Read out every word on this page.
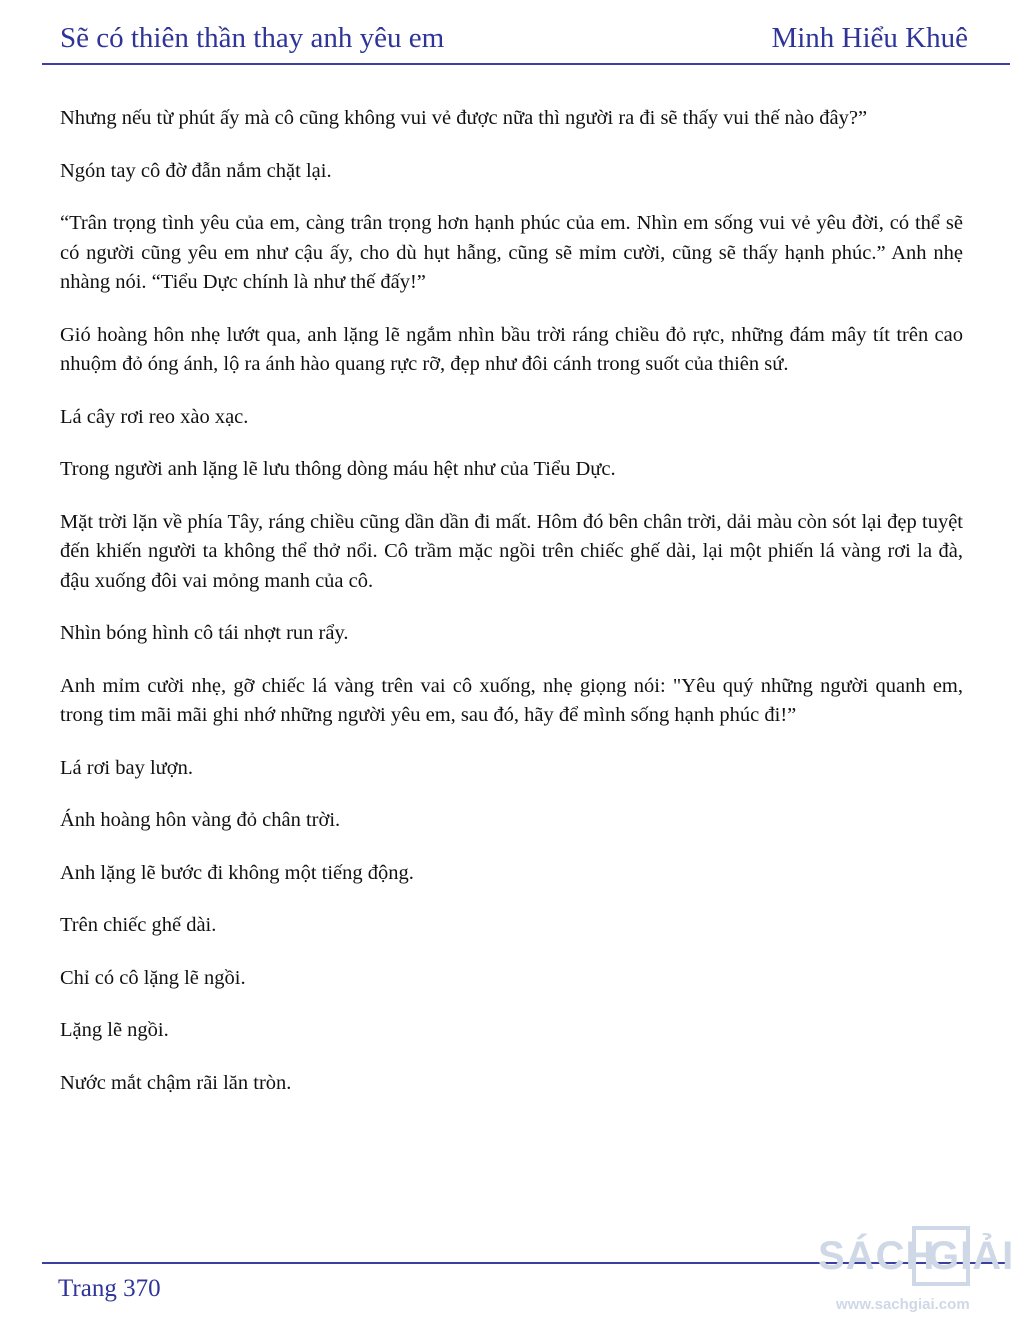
Sẽ có thiên thần thay anh yêu em	Minh Hiểu Khuê

Nhưng nếu từ phút ấy mà cô cũng không vui vẻ được nữa thì người ra đi sẽ thấy vui thế nào đây?”

Ngón tay cô đờ đẫn nắm chặt lại.

“Trân trọng tình yêu của em, càng trân trọng hơn hạnh phúc của em. Nhìn em sống vui vẻ yêu đời, có thể sẽ có người cũng yêu em như cậu ấy, cho dù hụt hẫng, cũng sẽ mỉm cười, cũng sẽ thấy hạnh phúc.” Anh nhẹ nhàng nói. “Tiểu Dực chính là như thế đấy!”

Gió hoàng hôn nhẹ lướt qua, anh lặng lẽ ngắm nhìn bầu trời ráng chiều đỏ rực, những đám mây tít trên cao nhuộm đỏ óng ánh, lộ ra ánh hào quang rực rỡ, đẹp như đôi cánh trong suốt của thiên sứ.

Lá cây rơi reo xào xạc.

Trong người anh lặng lẽ lưu thông dòng máu hệt như của Tiểu Dực.

Mặt trời lặn về phía Tây, ráng chiều cũng dần dần đi mất. Hôm đó bên chân trời, dải màu còn sót lại đẹp tuyệt đến khiến người ta không thể thở nổi. Cô trầm mặc ngồi trên chiếc ghế dài, lại một phiến lá vàng rơi la đà, đậu xuống đôi vai mỏng manh của cô.

Nhìn bóng hình cô tái nhợt run rẩy.

Anh mỉm cười nhẹ, gỡ chiếc lá vàng trên vai cô xuống, nhẹ giọng nói: "Yêu quý những người quanh em, trong tim mãi mãi ghi nhớ những người yêu em, sau đó, hãy để mình sống hạnh phúc đi!”

Lá rơi bay lượn.

Ánh hoàng hôn vàng đỏ chân trời.

Anh lặng lẽ bước đi không một tiếng động.

Trên chiếc ghế dài.

Chỉ có cô lặng lẽ ngồi.

Lặng lẽ ngồi.

Nước mắt chậm rãi lăn tròn.

Trang 370
SÁCH
GIẢI
www.sachgiai.com
